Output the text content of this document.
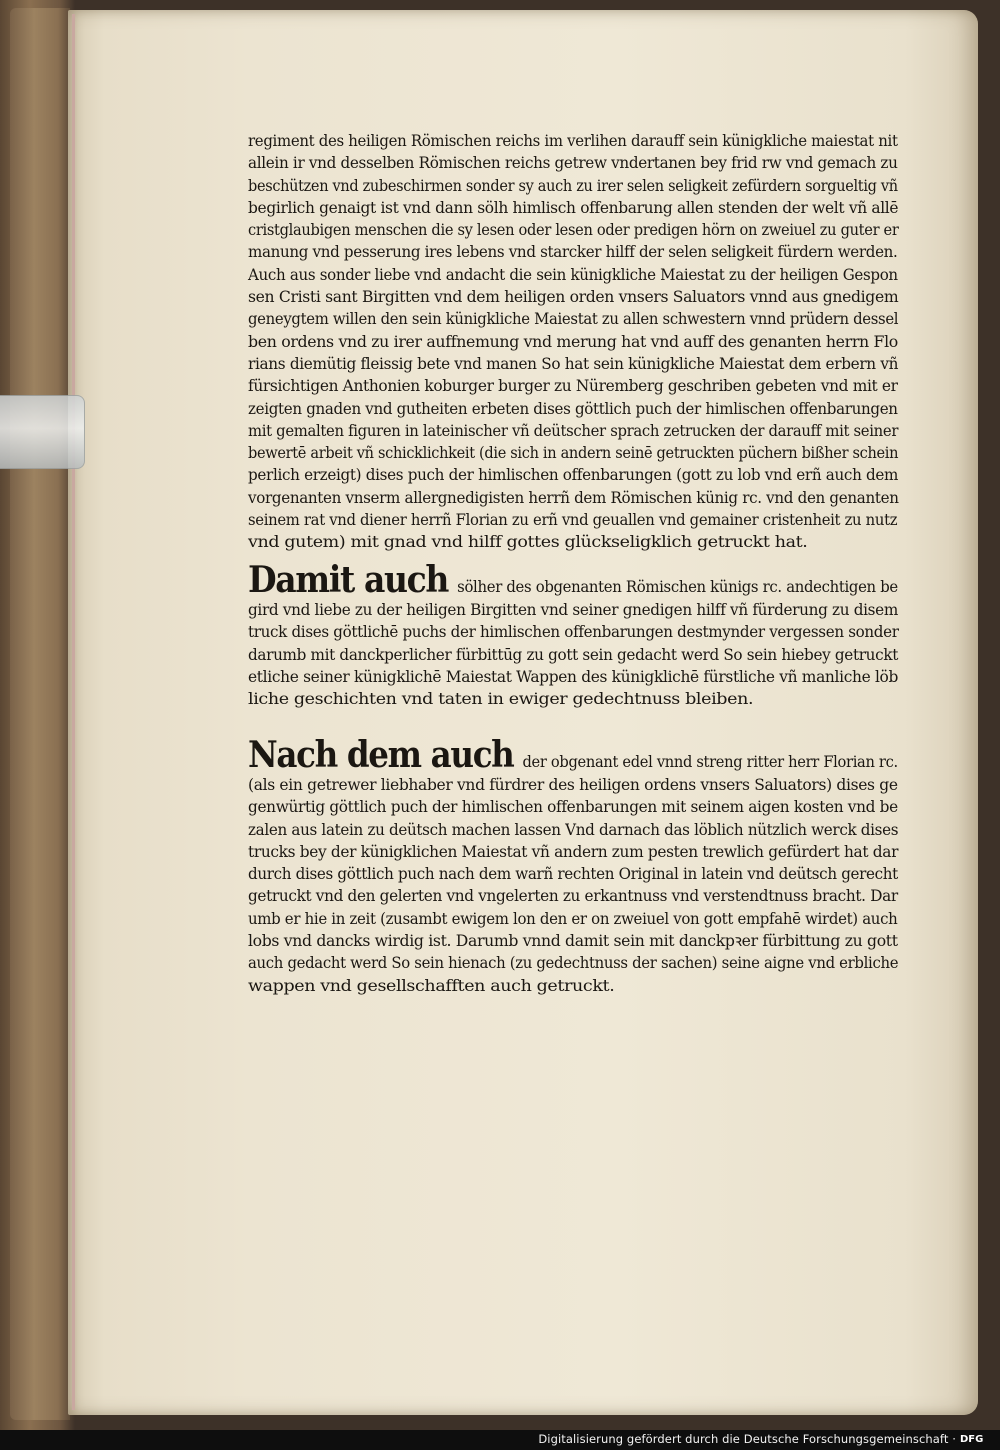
regiment des heiligen Römischen reichs im verlihen darauff sein künigkliche maiestat nit
allein ir vnd desselben Römischen reichs getrew vndertanen bey frid rw vnd gemach zu
beschützen vnd zubeschirmen sonder sy auch zu irer selen seligkeit zefürdern sorgueltig vñ
begirlich genaigt ist vnd dann sölh himlisch offenbarung allen stenden der welt vñ allē
cristglaubigen menschen die sy lesen oder lesen oder predigen hörn on zweiuel zu guter er
manung vnd pesserung ires lebens vnd starcker hilff der selen seligkeit fürdern werden.
Auch aus sonder liebe vnd andacht die sein künigkliche Maiestat zu der heiligen Gespon
sen Cristi sant Birgitten vnd dem heiligen orden vnsers Saluators vnnd aus gnedigem
geneygtem willen den sein künigkliche Maiestat zu allen schwestern vnnd prüdern dessel
ben ordens vnd zu irer auffnemung vnd merung hat vnd auff des genanten herrn Flo
rians diemütig fleissig bete vnd manen So hat sein künigkliche Maiestat dem erbern vñ
fürsichtigen Anthonien koburger burger zu Nüremberg geschriben gebeten vnd mit er
zeigten gnaden vnd gutheiten erbeten dises göttlich puch der himlischen offenbarungen
mit gemalten figuren in lateinischer vñ deütscher sprach zetrucken der darauff mit seiner
bewertē arbeit vñ schicklichkeit (die sich in andern seinē getruckten püchern bißher schein
perlich erzeigt) dises puch der himlischen offenbarungen (gott zu lob vnd erñ auch dem
vorgenanten vnserm allergnedigisten herrñ dem Römischen künig rc. vnd den genanten
seinem rat vnd diener herrñ Florian zu erñ vnd geuallen vnd gemainer cristenheit zu nutz
vnd gutem) mit gnad vnd hilff gottes glückseligklich getruckt hat.
Damit auch sölher des obgenanten Römischen künigs rc. andechtigen be
gird vnd liebe zu der heiligen Birgitten vnd seiner gnedigen hilff vñ fürderung zu disem
truck dises göttlichē puchs der himlischen offenbarungen destmynder vergessen sonder
darumb mit danckperlicher fürbittūg zu gott sein gedacht werd So sein hiebey getruckt
etliche seiner künigklichē Maiestat Wappen des künigklichē fürstliche vñ manliche löb
liche geschichten vnd taten in ewiger gedechtnuss bleiben.
Nach dem auch der obgenant edel vnnd streng ritter herr Florian rc.
(als ein getrewer liebhaber vnd fürdrer des heiligen ordens vnsers Saluators) dises ge
genwürtig göttlich puch der himlischen offenbarungen mit seinem aigen kosten vnd be
zalen aus latein zu deütsch machen lassen Vnd darnach das löblich nützlich werck dises
trucks bey der künigklichen Maiestat vñ andern zum pesten trewlich gefürdert hat dar
durch dises göttlich puch nach dem warñ rechten Original in latein vnd deütsch gerecht
getruckt vnd den gelerten vnd vngelerten zu erkantnuss vnd verstendtnuss bracht. Dar
umb er hie in zeit (zusambt ewigem lon den er on zweiuel von gott empfahē wirdet) auch
lobs vnd dancks wirdig ist. Darumb vnnd damit sein mit danckpꝛer fürbittung zu gott
auch gedacht werd So sein hienach (zu gedechtnuss der sachen) seine aigne vnd erbliche
wappen vnd gesellschafften auch getruckt.
Digitalisierung gefördert durch die Deutsche Forschungsgemeinschaft · DFG
